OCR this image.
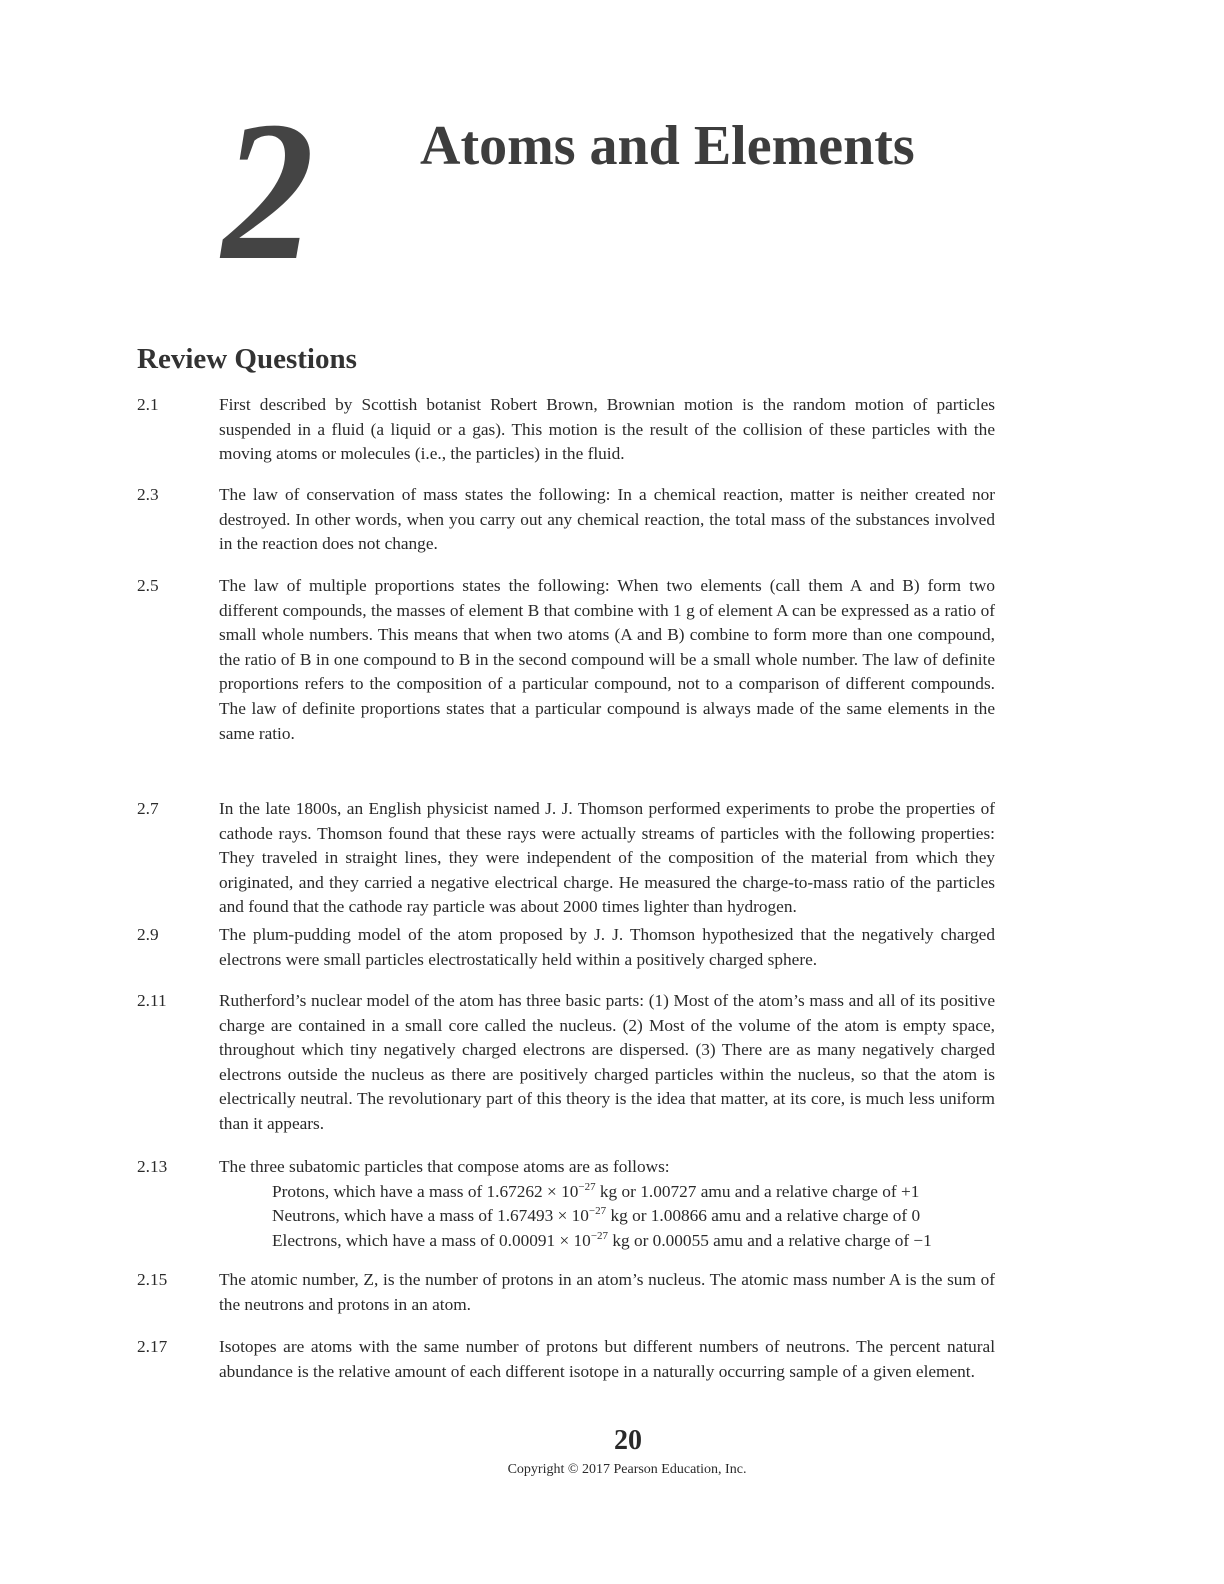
2 Atoms and Elements
Review Questions
2.1	First described by Scottish botanist Robert Brown, Brownian motion is the random motion of particles suspended in a fluid (a liquid or a gas). This motion is the result of the collision of these particles with the moving atoms or molecules (i.e., the particles) in the fluid.
2.3	The law of conservation of mass states the following: In a chemical reaction, matter is neither created nor destroyed. In other words, when you carry out any chemical reaction, the total mass of the substances involved in the reaction does not change.
2.5	The law of multiple proportions states the following: When two elements (call them A and B) form two different compounds, the masses of element B that combine with 1 g of element A can be expressed as a ratio of small whole numbers. This means that when two atoms (A and B) combine to form more than one compound, the ratio of B in one compound to B in the second compound will be a small whole number. The law of definite proportions refers to the composition of a particular compound, not to a comparison of different compounds. The law of definite proportions states that a particular compound is always made of the same elements in the same ratio.
2.7	In the late 1800s, an English physicist named J. J. Thomson performed experiments to probe the properties of cathode rays. Thomson found that these rays were actually streams of particles with the following properties: They traveled in straight lines, they were independent of the composition of the material from which they originated, and they carried a negative electrical charge. He measured the charge-to-mass ratio of the particles and found that the cathode ray particle was about 2000 times lighter than hydrogen.
2.9	The plum-pudding model of the atom proposed by J. J. Thomson hypothesized that the negatively charged electrons were small particles electrostatically held within a positively charged sphere.
2.11	Rutherford’s nuclear model of the atom has three basic parts: (1) Most of the atom’s mass and all of its positive charge are contained in a small core called the nucleus. (2) Most of the volume of the atom is empty space, throughout which tiny negatively charged electrons are dispersed. (3) There are as many negatively charged electrons outside the nucleus as there are positively charged particles within the nucleus, so that the atom is electrically neutral. The revolutionary part of this theory is the idea that matter, at its core, is much less uniform than it appears.
2.13	The three subatomic particles that compose atoms are as follows:
Protons, which have a mass of $1.67262 \times 10^{-27}$ kg or 1.00727 amu and a relative charge of +1
Neutrons, which have a mass of $1.67493 \times 10^{-27}$ kg or 1.00866 amu and a relative charge of 0
Electrons, which have a mass of $0.00091 \times 10^{-27}$ kg or 0.00055 amu and a relative charge of −1
2.15	The atomic number, Z, is the number of protons in an atom’s nucleus. The atomic mass number A is the sum of the neutrons and protons in an atom.
2.17	Isotopes are atoms with the same number of protons but different numbers of neutrons. The percent natural abundance is the relative amount of each different isotope in a naturally occurring sample of a given element.
20
Copyright © 2017 Pearson Education, Inc.
